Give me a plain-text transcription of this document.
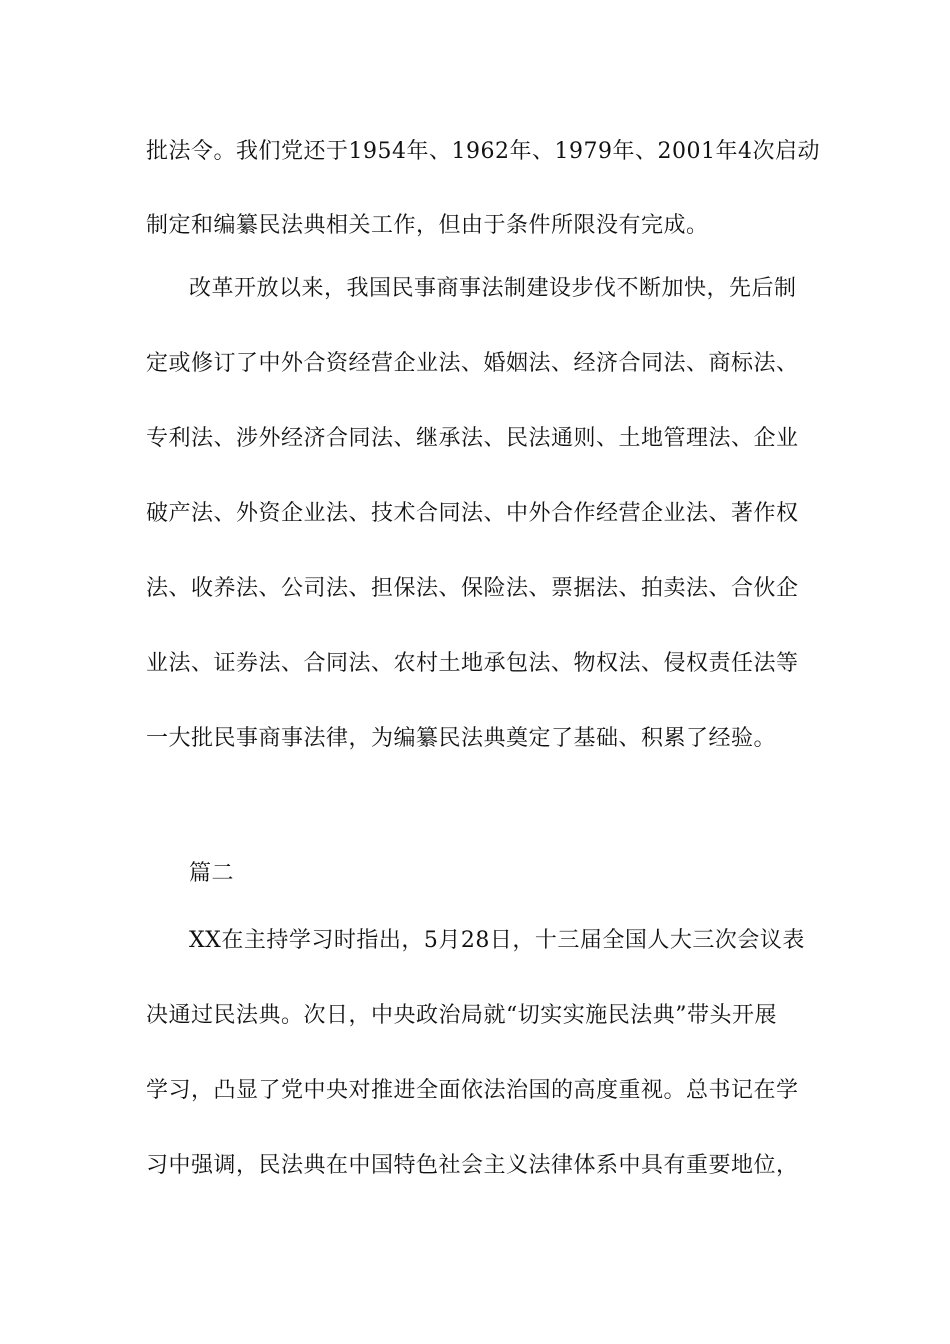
批法令。我们党还于1954年、1962年、1979年、2001年4次启动
制定和编纂民法典相关工作，但由于条件所限没有完成。
改革开放以来，我国民事商事法制建设步伐不断加快，先后制
定或修订了中外合资经营企业法、婚姻法、经济合同法、商标法、
专利法、涉外经济合同法、继承法、民法通则、土地管理法、企业
破产法、外资企业法、技术合同法、中外合作经营企业法、著作权
法、收养法、公司法、担保法、保险法、票据法、拍卖法、合伙企
业法、证券法、合同法、农村土地承包法、物权法、侵权责任法等
一大批民事商事法律，为编纂民法典奠定了基础、积累了经验。
篇二
XX在主持学习时指出，5月28日，十三届全国人大三次会议表
决通过民法典。次日，中央政治局就“切实实施民法典”带头开展
学习，凸显了党中央对推进全面依法治国的高度重视。总书记在学
习中强调，民法典在中国特色社会主义法律体系中具有重要地位，
